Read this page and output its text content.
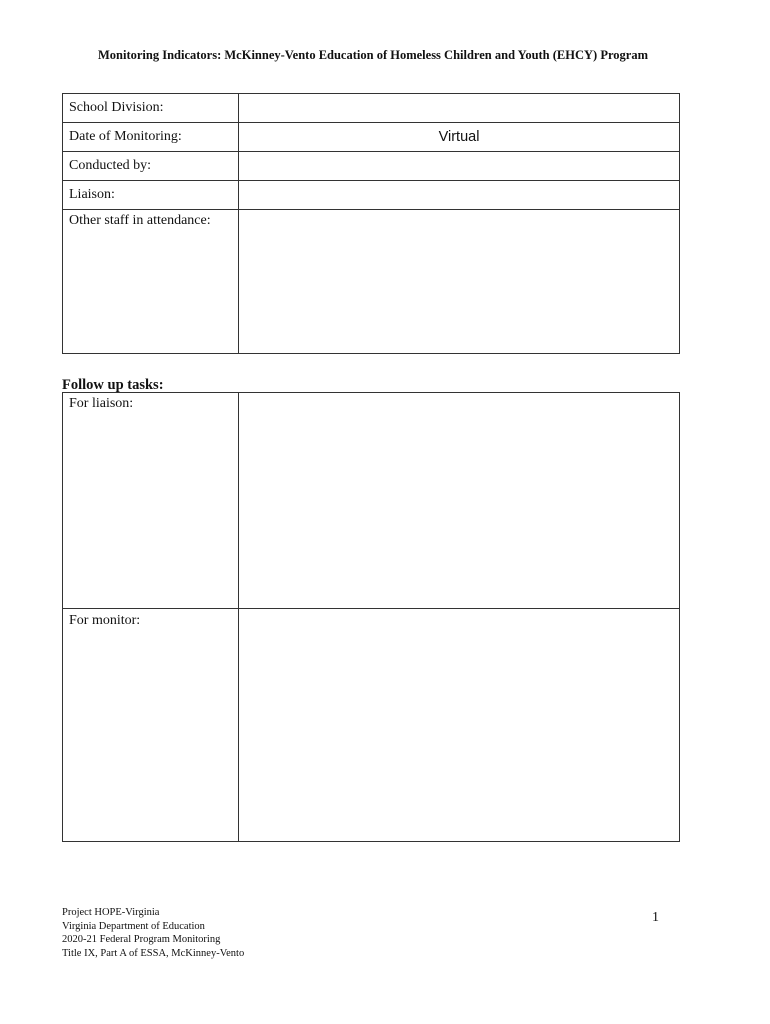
Monitoring Indicators: McKinney-Vento Education of Homeless Children and Youth (EHCY) Program
School Division:	
Date of Monitoring:	Virtual
Conducted by:	
Liaison:	
Other staff in attendance:	
Follow up tasks:
For liaison:	
For monitor:	
Project HOPE-Virginia
Virginia Department of Education
2020-21 Federal Program Monitoring
Title IX, Part A of ESSA, McKinney-Vento
1
